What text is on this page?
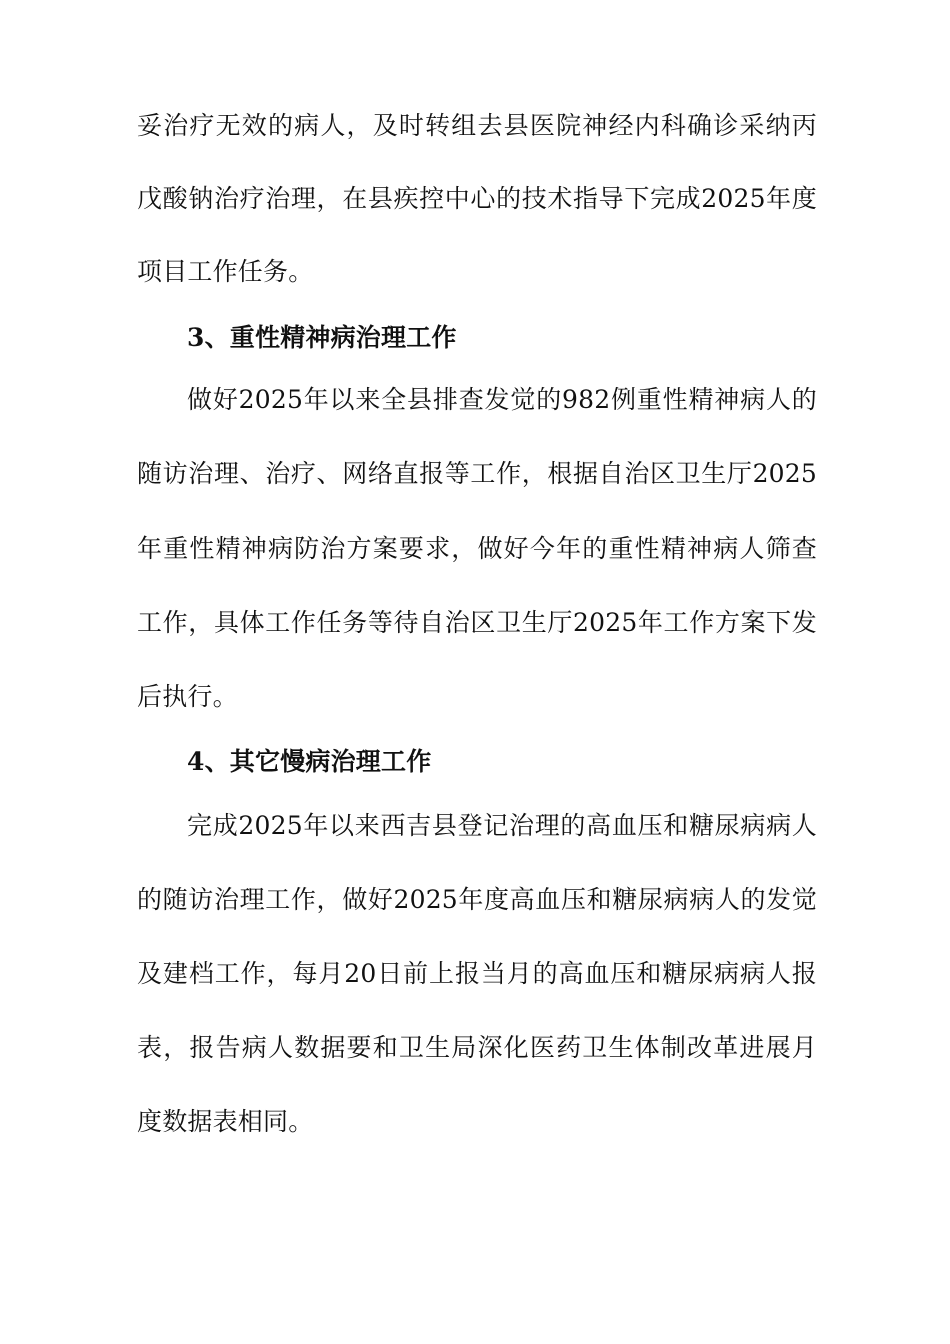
妥治疗无效的病人，及时转组去县医院神经内科确诊采纳丙
戊酸钠治疗治理，在县疾控中心的技术指导下完成2025年度
项目工作任务。
3、重性精神病治理工作
做好2025年以来全县排查发觉的982例重性精神病人的
随访治理、治疗、网络直报等工作，根据自治区卫生厅2025
年重性精神病防治方案要求，做好今年的重性精神病人筛查
工作，具体工作任务等待自治区卫生厅2025年工作方案下发
后执行。
4、其它慢病治理工作
完成2025年以来西吉县登记治理的高血压和糖尿病病人
的随访治理工作，做好2025年度高血压和糖尿病病人的发觉
及建档工作，每月20日前上报当月的高血压和糖尿病病人报
表，报告病人数据要和卫生局深化医药卫生体制改革进展月
度数据表相同。
